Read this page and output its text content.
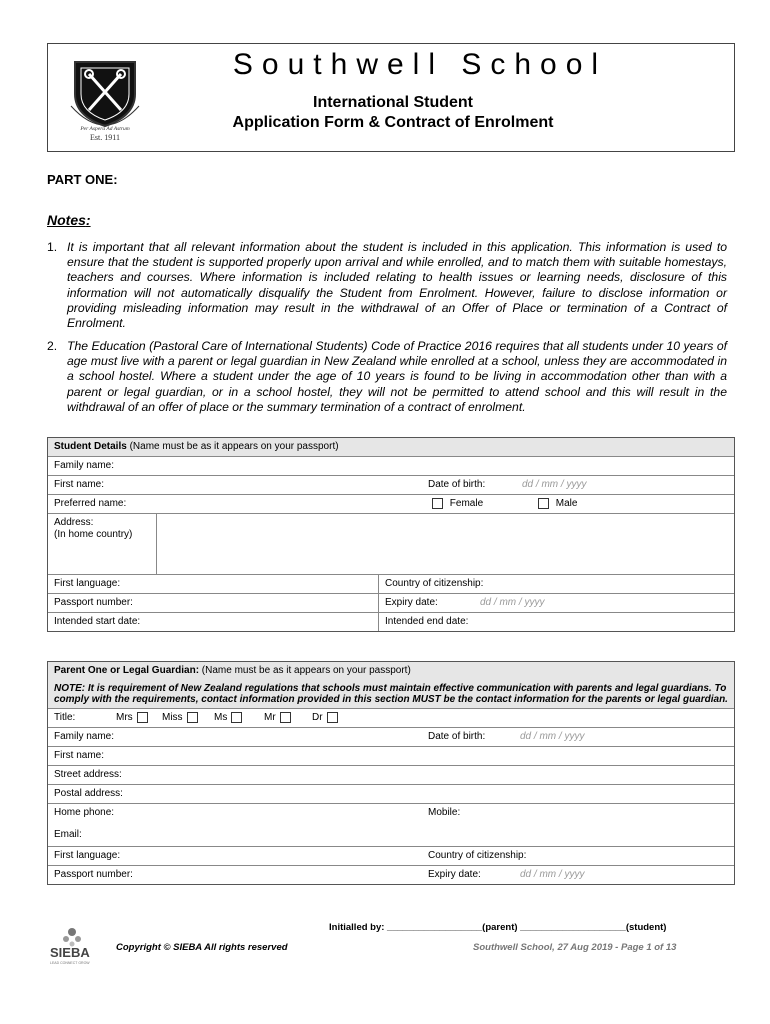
Per Aspera Ad Astrum
Est. 1911
Southwell School
International Student
Application Form & Contract of Enrolment
PART ONE:
Notes:
1. It is important that all relevant information about the student is included in this application. This information is used to ensure that the student is supported properly upon arrival and while enrolled, and to match them with suitable homestays, teachers and courses. Where information is included relating to health issues or learning needs, disclosure of this information will not automatically disqualify the Student from Enrolment. However, failure to disclose information or providing misleading information may result in the withdrawal of an Offer of Place or termination of a Contract of Enrolment.
2. The Education (Pastoral Care of International Students) Code of Practice 2016 requires that all students under 10 years of age must live with a parent or legal guardian in New Zealand while enrolled at a school, unless they are accommodated in a school hostel. Where a student under the age of 10 years is found to be living in accommodation other than with a parent or legal guardian, or in a school hostel, they will not be permitted to attend school and this will result in the withdrawal of an offer of place or the summary termination of a contract of enrolment.
Student Details (Name must be as it appears on your passport)
Family name:
First name:	Date of birth:	dd / mm / yyyy
Preferred name:	Female	Male
Address:
(In home country)
First language:	Country of citizenship:
Passport number:	Expiry date:	dd / mm / yyyy
Intended start date:	Intended end date:
Parent One or Legal Guardian: (Name must be as it appears on your passport)
NOTE: It is requirement of New Zealand regulations that schools must maintain effective communication with parents and legal guardians. To comply with the requirements, contact information provided in this section MUST be the contact information for the parents or legal guardian.
Title:	Mrs	Miss	Ms	Mr	Dr
Family name:	Date of birth:	dd / mm / yyyy
First name:
Street address:
Postal address:
Home phone:	Mobile:
Email:
First language:	Country of citizenship:
Passport number:	Expiry date:	dd / mm / yyyy
Initialled by: __________________(parent) ____________________(student)
SIEBA
LEAD CONNECT GROW
Copyright © SIEBA All rights reserved	Southwell School, 27 Aug 2019 - Page 1 of 13
